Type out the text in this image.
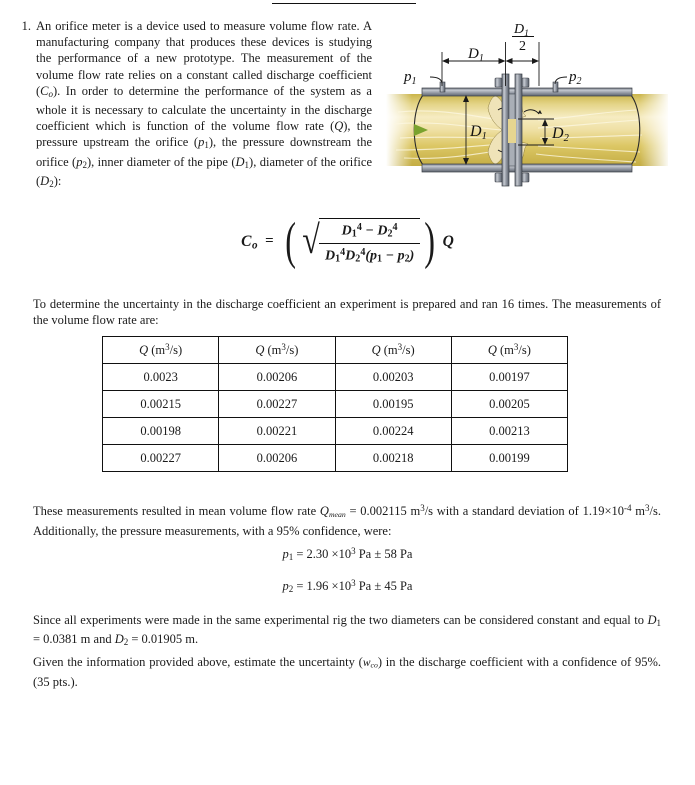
1. An orifice meter is a device used to measure volume flow rate. A manufacturing company that produces these devices is studying the performance of a new prototype. The measurement of the volume flow rate relies on a constant called discharge coefficient $(C_o)$. In order to determine the performance of the system as a whole it is necessary to calculate the uncertainty in the discharge coefficient which is function of the volume flow rate (Q), the pressure upstream the orifice $(p_1)$, the pressure downstream the orifice $(p_2)$, inner diameter of the pipe $(D_1)$, diameter of the orifice $(D_2)$:
$D_1$
$D_1$
2
$p_1$	$p_2$
D1	D2
$C_o$ = ( √ $\frac{D_1^4 - D_2^4}{D_1^4D_2^4(p_1 - p_2)}$ ) Q
To determine the uncertainty in the discharge coefficient an experiment is prepared and ran 16 times. The measurements of the volume flow rate are:
Q $(m^3/s)$	Q $(m^3/s)$	Q $(m^3/s)$	Q $(m^3/s)$
0.0023	0.00206	0.00203	0.00197
0.00215	0.00227	0.00195	0.00205
0.00198	0.00221	0.00224	0.00213
0.00227	0.00206	0.00218	0.00199
These measurements resulted in mean volume flow rate $Q_{mean} = 0.002115$ $m^3/s$ with a standard deviation of $1.19\times 10^{-4}$ $m^3/s$. Additionally, the pressure measurements, with a 95% confidence, were:
$p_1 = 2.30 \times 10^3$ Pa ± 58 Pa
$p_2 = 1.96 \times 10^3$ Pa ± 45 Pa
Since all experiments were made in the same experimental rig the two diameters can be considered constant and equal to $D_1 = 0.0381$ m and $D_2 = 0.01905$ m.
Given the information provided above, estimate the uncertainty $(w_{co})$ in the discharge coefficient with a confidence of 95%. (35 pts.).
